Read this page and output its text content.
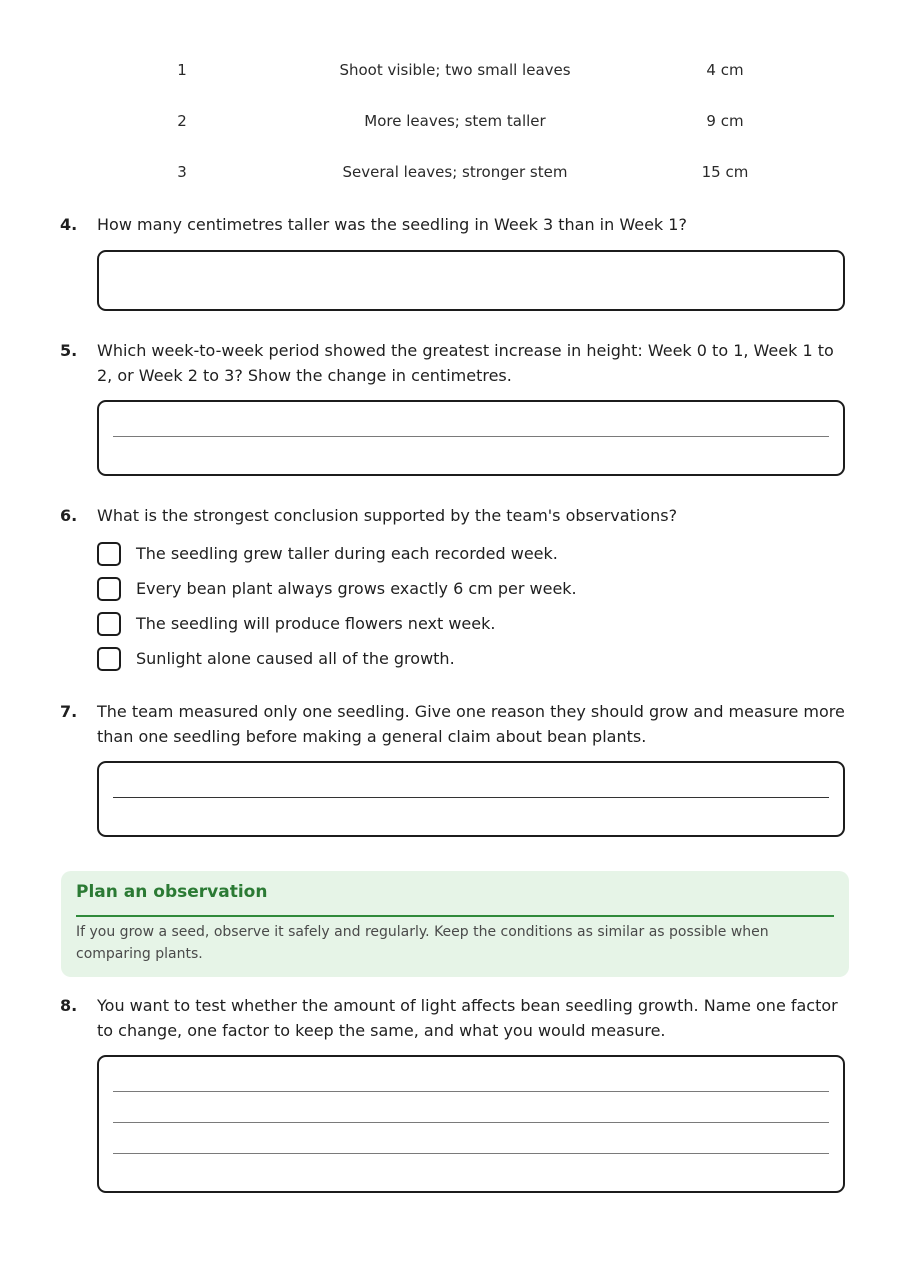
1	Shoot visible; two small leaves	4 cm
2	More leaves; stem taller	9 cm
3	Several leaves; stronger stem	15 cm
4. How many centimetres taller was the seedling in Week 3 than in Week 1?
5. Which week-to-week period showed the greatest increase in height: Week 0 to 1, Week 1 to 2, or Week 2 to 3? Show the change in centimetres.
6. What is the strongest conclusion supported by the team's observations?
The seedling grew taller during each recorded week.
Every bean plant always grows exactly 6 cm per week.
The seedling will produce flowers next week.
Sunlight alone caused all of the growth.
7. The team measured only one seedling. Give one reason they should grow and measure more than one seedling before making a general claim about bean plants.
Plan an observation
If you grow a seed, observe it safely and regularly. Keep the conditions as similar as possible when comparing plants.
8. You want to test whether the amount of light affects bean seedling growth. Name one factor to change, one factor to keep the same, and what you would measure.
